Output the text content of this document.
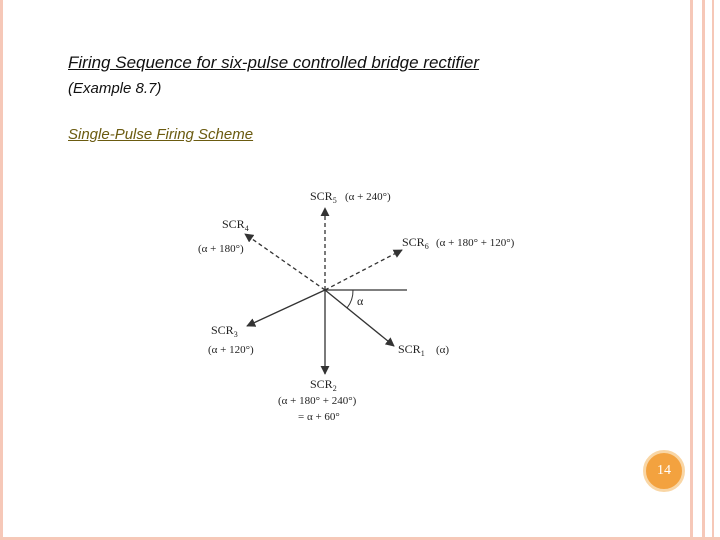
Firing Sequence for six-pulse controlled bridge rectifier
(Example 8.7)
Single-Pulse Firing Scheme
$SCR_5$ (α + 240°)
$SCR_4$
(α + 180°)	$SCR_6$ (α + 180° + 120°)
α
$SCR_3$
(α + 120°)	$SCR_1$ (α)
$SCR_2$
(α + 180° + 240°)
= α + 60°
14
